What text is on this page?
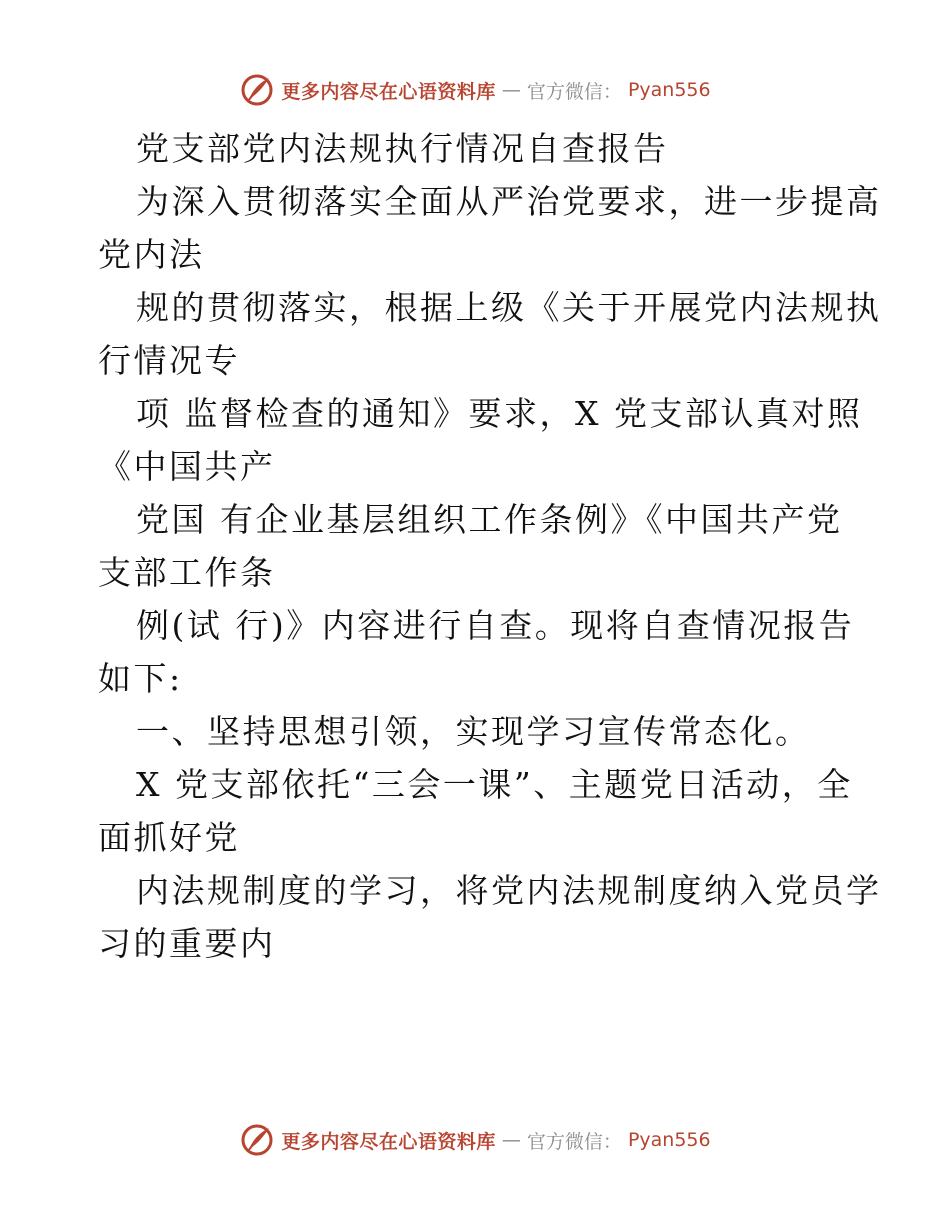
更多内容尽在心语资料库 — 官方微信： Pyan556
党支部党内法规执行情况自查报告
为深入贯彻落实全面从严治党要求，进一步提高
党内法
规的贯彻落实，根据上级《关于开展党内法规执
行情况专
项 监督检查的通知》要求，X 党支部认真对照
《中国共产
党国 有企业基层组织工作条例》《中国共产党
支部工作条
例(试 行)》内容进行自查。现将自查情况报告
如下:
一、坚持思想引领，实现学习宣传常态化。
X 党支部依托“三会一课”、主题党日活动，全
面抓好党
内法规制度的学习，将党内法规制度纳入党员学
习的重要内
更多内容尽在心语资料库 — 官方微信： Pyan556
